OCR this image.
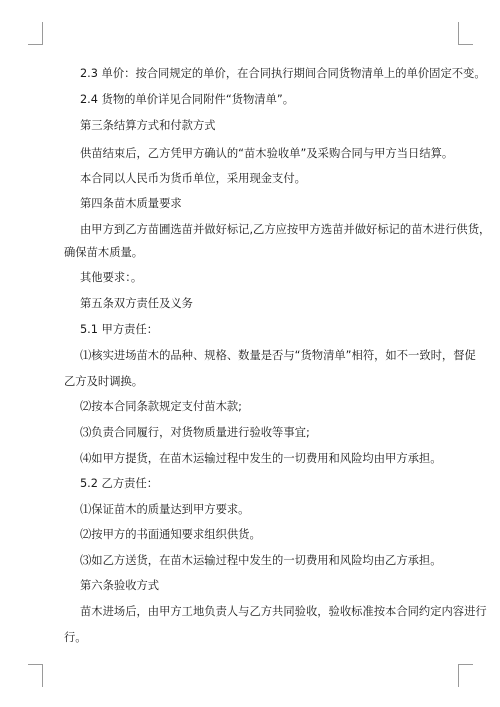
2.3 单价：按合同规定的单价，在合同执行期间合同货物清单上的单价固定不变。
2.4 货物的单价详见合同附件“货物清单”。
第三条结算方式和付款方式
供苗结束后，乙方凭甲方确认的“苗木验收单”及采购合同与甲方当日结算。
本合同以人民币为货币单位，采用现金支付。
第四条苗木质量要求
由甲方到乙方苗圃选苗并做好标记,乙方应按甲方选苗并做好标记的苗木进行供货，
确保苗木质量。
其他要求：。
第五条双方责任及义务
5.1 甲方责任：
⑴核实进场苗木的品种、规格、数量是否与“货物清单”相符，如不一致时，督促
乙方及时调换。
⑵按本合同条款规定支付苗木款;
⑶负责合同履行，对货物质量进行验收等事宜;
⑷如甲方提货，在苗木运输过程中发生的一切费用和风险均由甲方承担。
5.2 乙方责任：
⑴保证苗木的质量达到甲方要求。
⑵按甲方的书面通知要求组织供货。
⑶如乙方送货，在苗木运输过程中发生的一切费用和风险均由乙方承担。
第六条验收方式
苗木进场后，由甲方工地负责人与乙方共同验收，验收标准按本合同约定内容进行
行。
